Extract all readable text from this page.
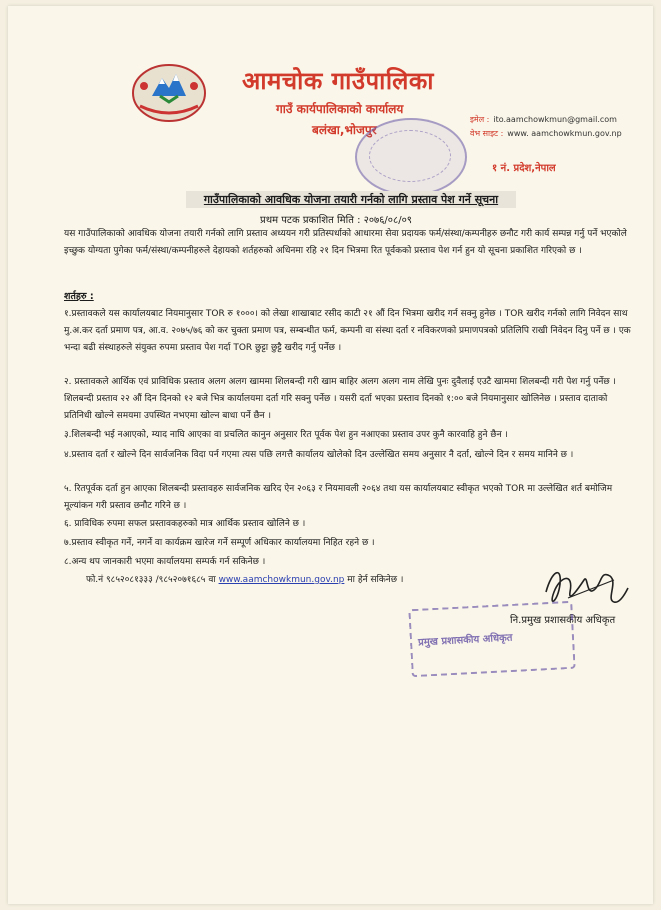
आमचोक गाउँपालिका
गाउँ कार्यपालिकाको कार्यालय
बलंखा,भोजपुर
इमेल : ito.aamchowkmun@gmail.com
वेभ साइट : www. aamchowkmun.gov.np
१ नं. प्रदेश,नेपाल
गाउँपालिकाको आवधिक योजना तयारी गर्नको लागि प्रस्ताव पेश गर्ने सूचना
प्रथम पटक प्रकाशित मिति : २०७६/०८/०९
यस गाउँपालिकाको आवधिक योजना तयारी गर्नको लागि प्रस्ताव अध्ययन गरी प्रतिस्पर्धाको आधारमा सेवा प्रदायक फर्म/संस्था/कम्पनीहरु छनौट गरी कार्य सम्पन्न गर्नु पर्ने भएकोले इच्छुक योग्यता पुगेका फर्म/संस्था/कम्पनीहरुले देहायको शर्तहरुको अधिनमा रहि २१ दिन भित्रमा रित पूर्वकको प्रस्ताव पेश गर्न हुन यो सूचना प्रकाशित गरिएको छ ।
शर्तहरु :
१.प्रस्तावकले यस कार्यालयबाट नियमानुसार TOR रु १०००। को लेखा शाखाबाट रसीद काटी २१ औं दिन भित्रमा खरीद गर्न सक्नु हुनेछ । TOR खरीद गर्नको लागि निवेदन साथ मु.अ.कर दर्ता प्रमाण पत्र, आ.व. २०७५/७६ को कर चुक्ता प्रमाण पत्र, सम्बन्धीत फर्म, कम्पनी वा संस्था दर्ता र नविकरणको प्रमाणपत्रको प्रतिलिपि राखी निवेदन दिनु पर्ने छ । एक भन्दा बढी संस्थाहरुले संयुक्त रुपमा प्रस्ताव पेश गर्दा TOR छुट्टा छुट्टै खरीद गर्नु पर्नेछ ।
२. प्रस्तावकले आर्थिक एवं प्राविधिक प्रस्ताव अलग अलग खाममा शिलबन्दी गरी खाम बाहिर अलग अलग नाम लेखि पुनः दुवैलाई एउटै खाममा शिलबन्दी गरी पेश गर्नु पर्नेछ । शिलबन्दी प्रस्ताव २२ औं दिन दिनको १२ बजे भित्र कार्यालयमा दर्ता गरि सक्नु पर्नेछ । यसरी दर्ता भएका प्रस्ताव दिनको १:०० बजे नियमानुसार खोलिनेछ । प्रस्ताव दाताको प्रतिनिधी खोल्ने समयमा उपस्थित नभएमा खोल्न बाधा पर्ने छैन ।
३.शिलबन्दी भई नआएको, म्याद नाघि आएका वा प्रचलित कानुन अनुसार रित पूर्वक पेश हुन नआएका प्रस्ताव उपर कुनै कारवाहि हुने छैन ।
४.प्रस्ताव दर्ता र खोल्ने दिन सार्वजनिक विदा पर्न गएमा त्यस पछि लगत्तै कार्यालय खोलेको दिन उल्लेखित समय अनुसार नै दर्ता, खोल्ने दिन र समय मानिने छ ।
५. रितपूर्वक दर्ता हुन आएका शिलबन्दी प्रस्तावहरु सार्वजनिक खरिद ऐन २०६३ र नियमावली २०६४ तथा यस कार्यालयबाट स्वीकृत भएको TOR मा उल्लेखित शर्त बमोजिम मूल्यांकन गरी प्रस्ताव छनौट गरिने छ ।
६. प्राविधिक रुपमा सफल प्रस्तावकहरुको मात्र आर्थिक प्रस्ताव खोलिने छ ।
७.प्रस्ताव स्वीकृत गर्ने, नगर्ने वा कार्यक्रम खारेज गर्ने सम्पूर्ण अधिकार कार्यालयमा निहित रहने छ ।
८.अन्य थप जानकारी भएमा कार्यालयमा सम्पर्क गर्न सकिनेछ ।
फो.नं ९८५२०८१३३३ /९८५२०७१६८५ वा www.aamchowkmun.gov.np मा हेर्न सकिनेछ ।
नि.प्रमुख प्रशासकीय अधिकृत
प्रमुख प्रशासकीय अधिकृत
